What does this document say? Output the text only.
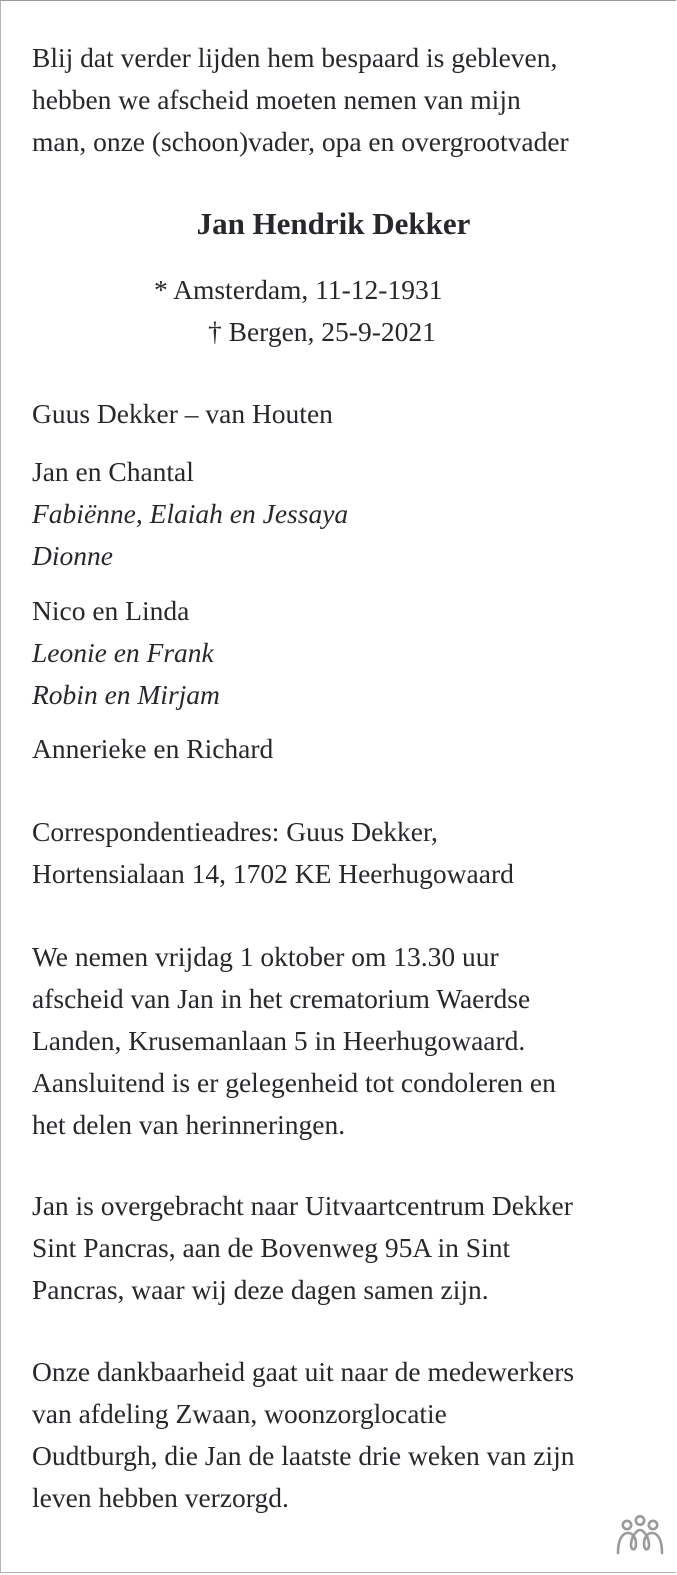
Blij dat verder lijden hem bespaard is gebleven,

hebben we afscheid moeten nemen van mijn

man, onze (schoon)vader, opa en overgrootvader

Jan Hendrik Dekker

* Amsterdam, 11-12-1931

† Bergen, 25-9-2021

Guus Dekker – van Houten

Jan en Chantal

Fabiënne, Elaiah en Jessaya

Dionne

Nico en Linda

Leonie en Frank

Robin en Mirjam

Annerieke en Richard

Correspondentieadres: Guus Dekker,

Hortensialaan 14, 1702 KE Heerhugowaard

We nemen vrijdag 1 oktober om 13.30 uur

afscheid van Jan in het crematorium Waerdse

Landen, Krusemanlaan 5 in Heerhugowaard.

Aansluitend is er gelegenheid tot condoleren en

het delen van herinneringen.

Jan is overgebracht naar Uitvaartcentrum Dekker

Sint Pancras, aan de Bovenweg 95A in Sint

Pancras, waar wij deze dagen samen zijn.

Onze dankbaarheid gaat uit naar de medewerkers

van afdeling Zwaan, woonzorglocatie

Oudtburgh, die Jan de laatste drie weken van zijn

leven hebben verzorgd.
